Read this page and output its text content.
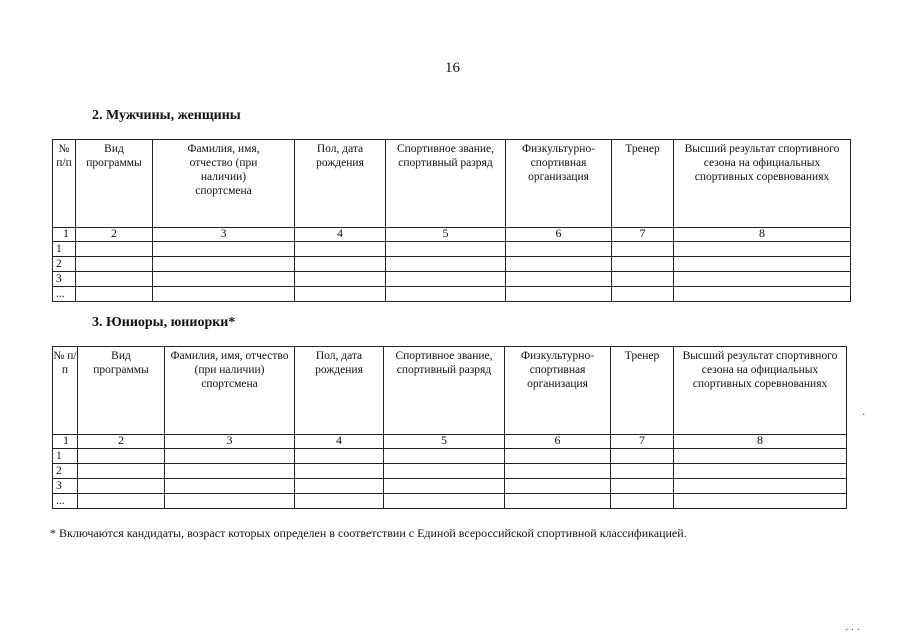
16
2. Мужчины, женщины
№ п/п	Вид программы	Фамилия, имя, отчество (при наличии) спортсмена	Пол, дата рождения	Спортивное звание, спортивный разряд	Физкультурно-спортивная организация	Тренер	Высший результат спортивного сезона на официальных спортивных соревнованиях
1	2	3	4	5	6	7	8
1							
2							
3							
...							
3. Юниоры, юниорки*
№ п/п	Вид программы	Фамилия, имя, отчество (при наличии) спортсмена	Пол, дата рождения	Спортивное звание, спортивный разряд	Физкультурно-спортивная организация	Тренер	Высший результат спортивного сезона на официальных спортивных соревнованиях
1	2	3	4	5	6	7	8
1							
2							
3							
...							
* Включаются кандидаты, возраст которых определен в соответствии с Единой всероссийской спортивной классификацией.
·
· · ·
